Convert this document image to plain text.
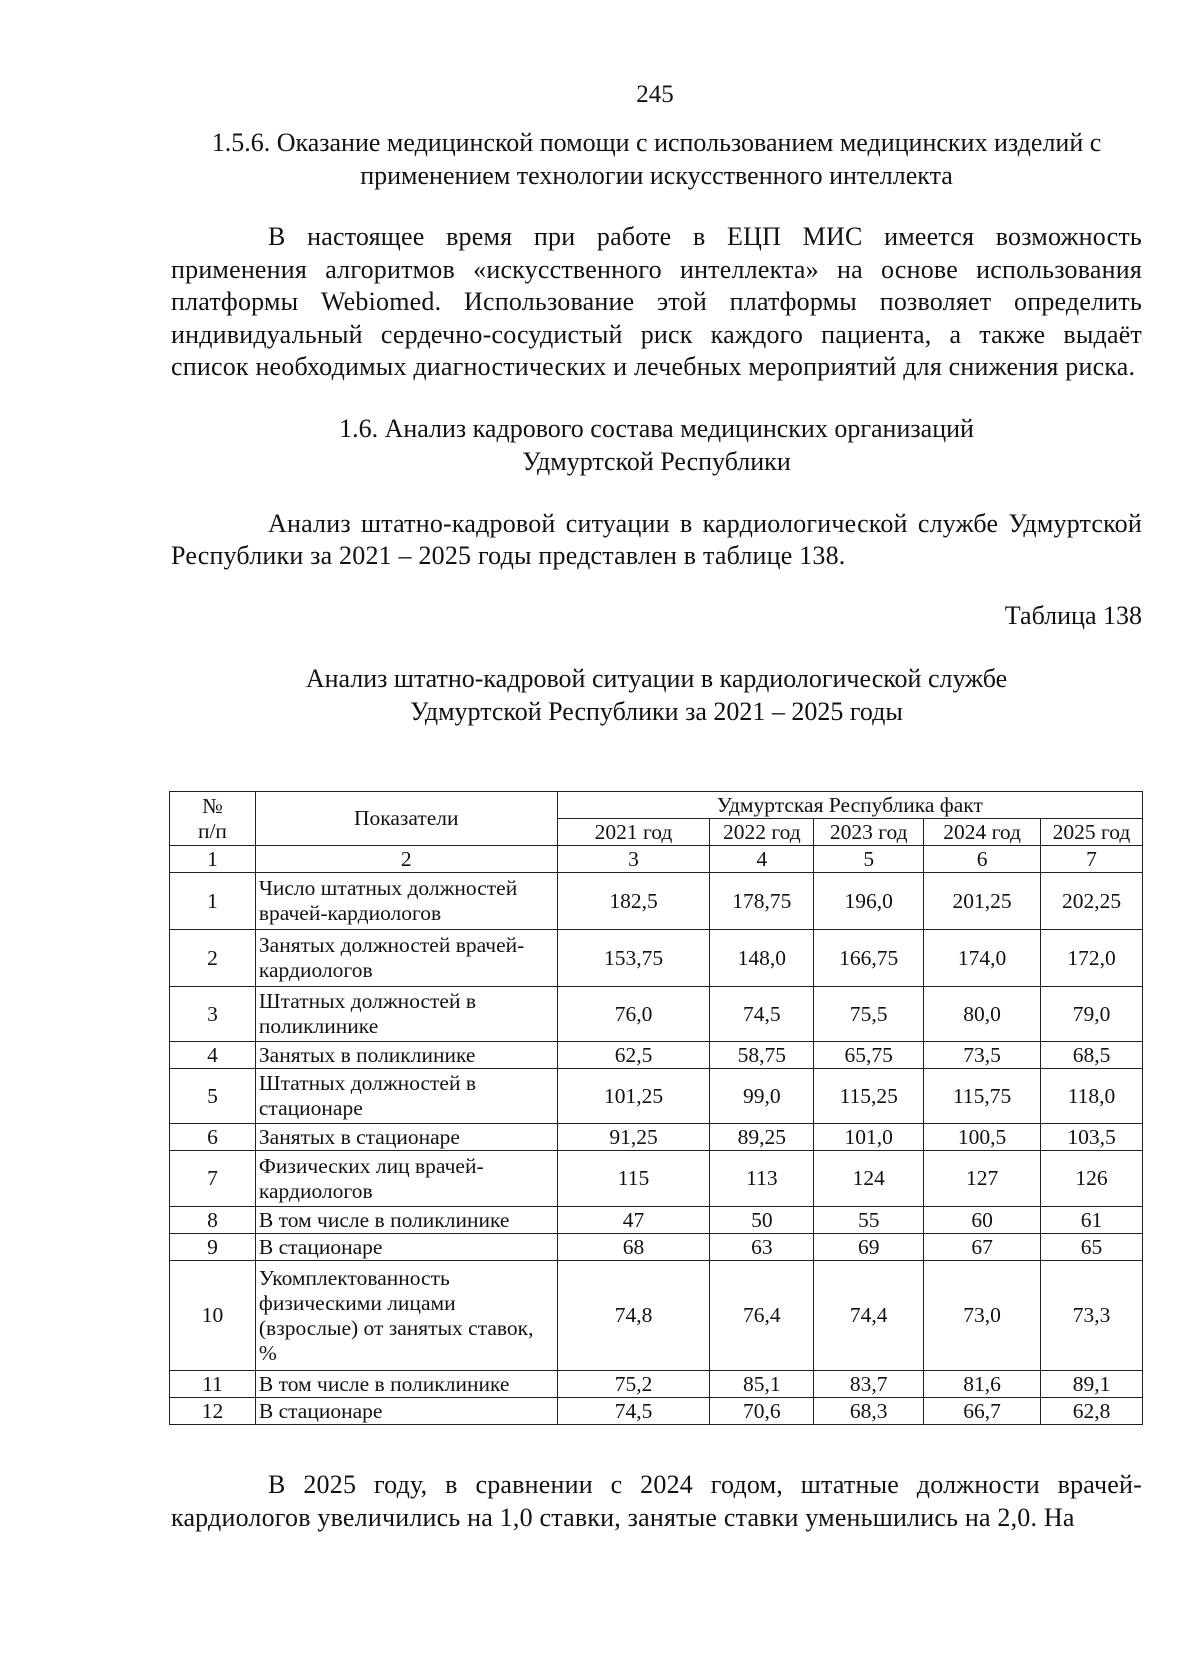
245

1.5.6. Оказание медицинской помощи с использованием медицинских изделий с применением технологии искусственного интеллекта

В настоящее время при работе в ЕЦП МИС имеется возможность применения алгоритмов «искусственного интеллекта» на основе использования платформы Webiomed. Использование этой платформы позволяет определить индивидуальный сердечно-сосудистый риск каждого пациента, а также выдаёт список необходимых диагностических и лечебных мероприятий для снижения риска.

1.6. Анализ кадрового состава медицинских организаций

Удмуртской Республики

Анализ штатно-кадровой ситуации в кардиологической службе Удмуртской Республики за 2021 – 2025 годы представлен в таблице 138.

Таблица 138

Анализ штатно-кадровой ситуации в кардиологической службе

Удмуртской Республики за 2021 – 2025 годы

№ п/п	Показатели	Удмуртская Республика факт				
		2021 год	2022 год	2023 год	2024 год	2025 год
1	2	3	4	5	6	7
1	Число штатных должностей врачей-кардиологов	182,5	178,75	196,0	201,25	202,25
2	Занятых должностей врачей-кардиологов	153,75	148,0	166,75	174,0	172,0
3	Штатных должностей в поликлинике	76,0	74,5	75,5	80,0	79,0
4	Занятых в поликлинике	62,5	58,75	65,75	73,5	68,5
5	Штатных должностей в стационаре	101,25	99,0	115,25	115,75	118,0
6	Занятых в стационаре	91,25	89,25	101,0	100,5	103,5
7	Физических лиц врачей-кардиологов	115	113	124	127	126
8	В том числе в поликлинике	47	50	55	60	61
9	В стационаре	68	63	69	67	65
10	Укомплектованность физическими лицами (взрослые) от занятых ставок, %	74,8	76,4	74,4	73,0	73,3
11	В том числе в поликлинике	75,2	85,1	83,7	81,6	89,1
12	В стационаре	74,5	70,6	68,3	66,7	62,8

В 2025 году, в сравнении с 2024 годом, штатные должности врачей-кардиологов увеличились на 1,0 ставки, занятые ставки уменьшились на 2,0. На
